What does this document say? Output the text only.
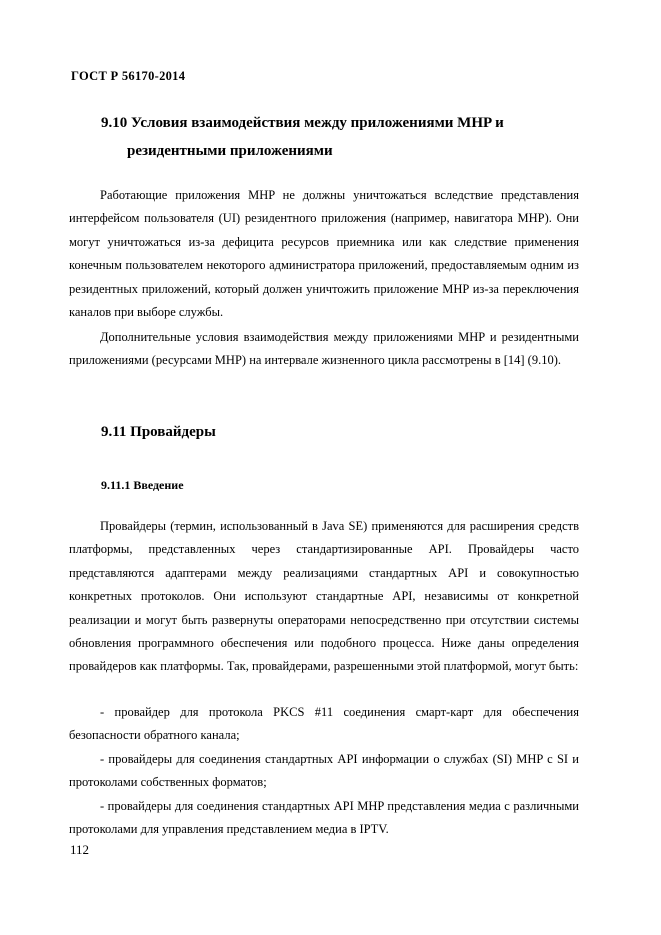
ГОСТ Р 56170-2014
9.10 Условия взаимодействия между приложениями MHP и
резидентными приложениями

Работающие приложения MHP не должны уничтожаться вследствие представления интерфейсом пользователя (UI) резидентного приложения (например, навигатора MHP). Они могут уничтожаться из-за дефицита ресурсов приемника или как следствие применения конечным пользователем некоторого администратора приложений, предоставляемым одним из резидентных приложений, который должен уничтожить приложение MHP из-за переключения каналов при выборе службы.

Дополнительные условия взаимодействия между приложениями MHP и резидентными приложениями (ресурсами MHP) на интервале жизненного цикла рассмотрены в [14] (9.10).

9.11 Провайдеры
9.11.1 Введение

Провайдеры (термин, использованный в Java SE) применяются для расширения средств платформы, представленных через стандартизированные API. Провайдеры часто представляются адаптерами между реализациями стандартных API и совокупностью конкретных протоколов. Они используют стандартные API, независимы от конкретной реализации и могут быть развернуты операторами непосредственно при отсутствии системы обновления программного обеспечения или подобного процесса. Ниже даны определения провайдеров как платформы. Так, провайдерами, разрешенными этой платформой, могут быть:

- провайдер для протокола PKCS #11 соединения смарт-карт для обеспечения безопасности обратного канала;

- провайдеры для соединения стандартных API информации о службах (SI) MHP с SI и протоколами собственных форматов;

- провайдеры для соединения стандартных API MHP представления медиа с различными протоколами для управления представлением медиа в IPTV.

112
